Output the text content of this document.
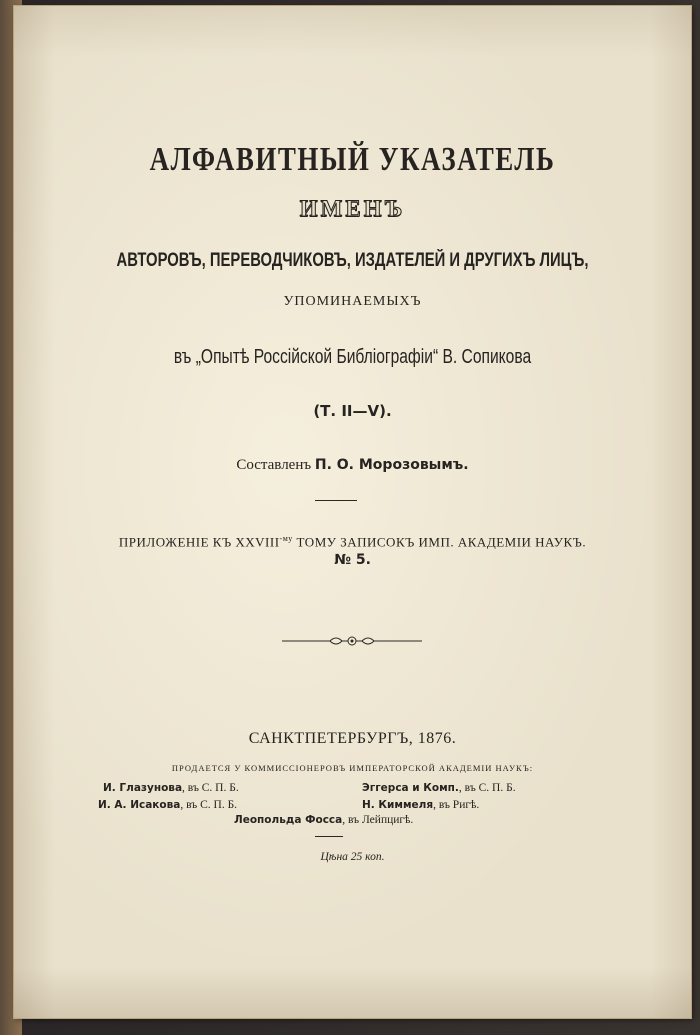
АЛФАВИТНЫЙ УКАЗАТЕЛЬ
ИМЕНЪ
АВТОРОВЪ, ПЕРЕВОДЧИКОВЪ, ИЗДАТЕЛЕЙ И ДРУГИХЪ ЛИЦЪ,
УПОМИНАЕМЫХЪ
въ „Опытѣ Россійской Библіографіи“ В. Сопикова
(Т. II—V).
Составленъ П. О. Морозовымъ.
ПРИЛОЖЕНІЕ КЪ $XXVIII^{-му}$ ТОМУ ЗАПИСОКЪ ИМП. АКАДЕМІИ НАУКЪ.
№ 5.
САНКТПЕТЕРБУРГЪ, 1876.
ПРОДАЕТСЯ У КОММИССІОНЕРОВЪ ИМПЕРАТОРСКОЙ АКАДЕМІИ НАУКЪ:
И. Глазунова, въ С. П. Б.	Эггерса и Комп., въ С. П. Б.
И. А. Исакова, въ С. П. Б.	Н. Киммеля, въ Ригѣ.
Леопольда Фосса, въ Лейпцигѣ.
Цѣна 25 коп.
